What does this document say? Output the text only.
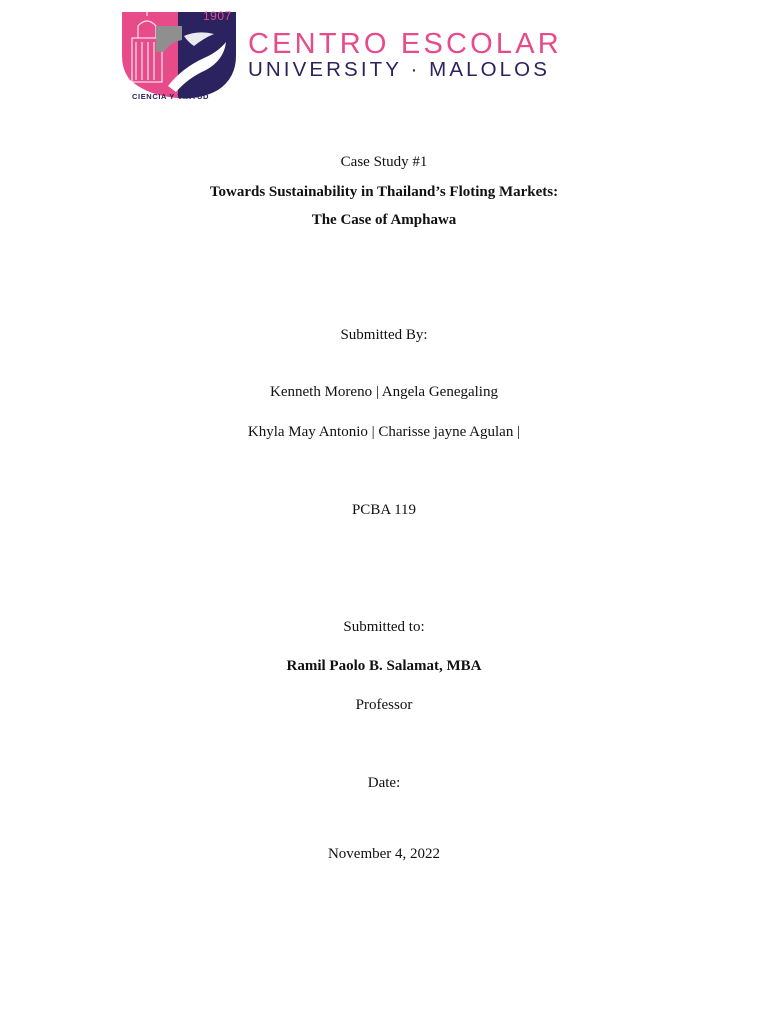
1907
CIENCIA Y VIRTUD
CENTRO ESCOLAR
UNIVERSITY · MALOLOS
Case Study #1
Towards Sustainability in Thailand’s Floting Markets:
The Case of Amphawa
Submitted By:
Kenneth Moreno | Angela Genegaling
Khyla May Antonio | Charisse jayne Agulan |
PCBA 119
Submitted to:
Ramil Paolo B. Salamat, MBA
Professor
Date:
November 4, 2022
